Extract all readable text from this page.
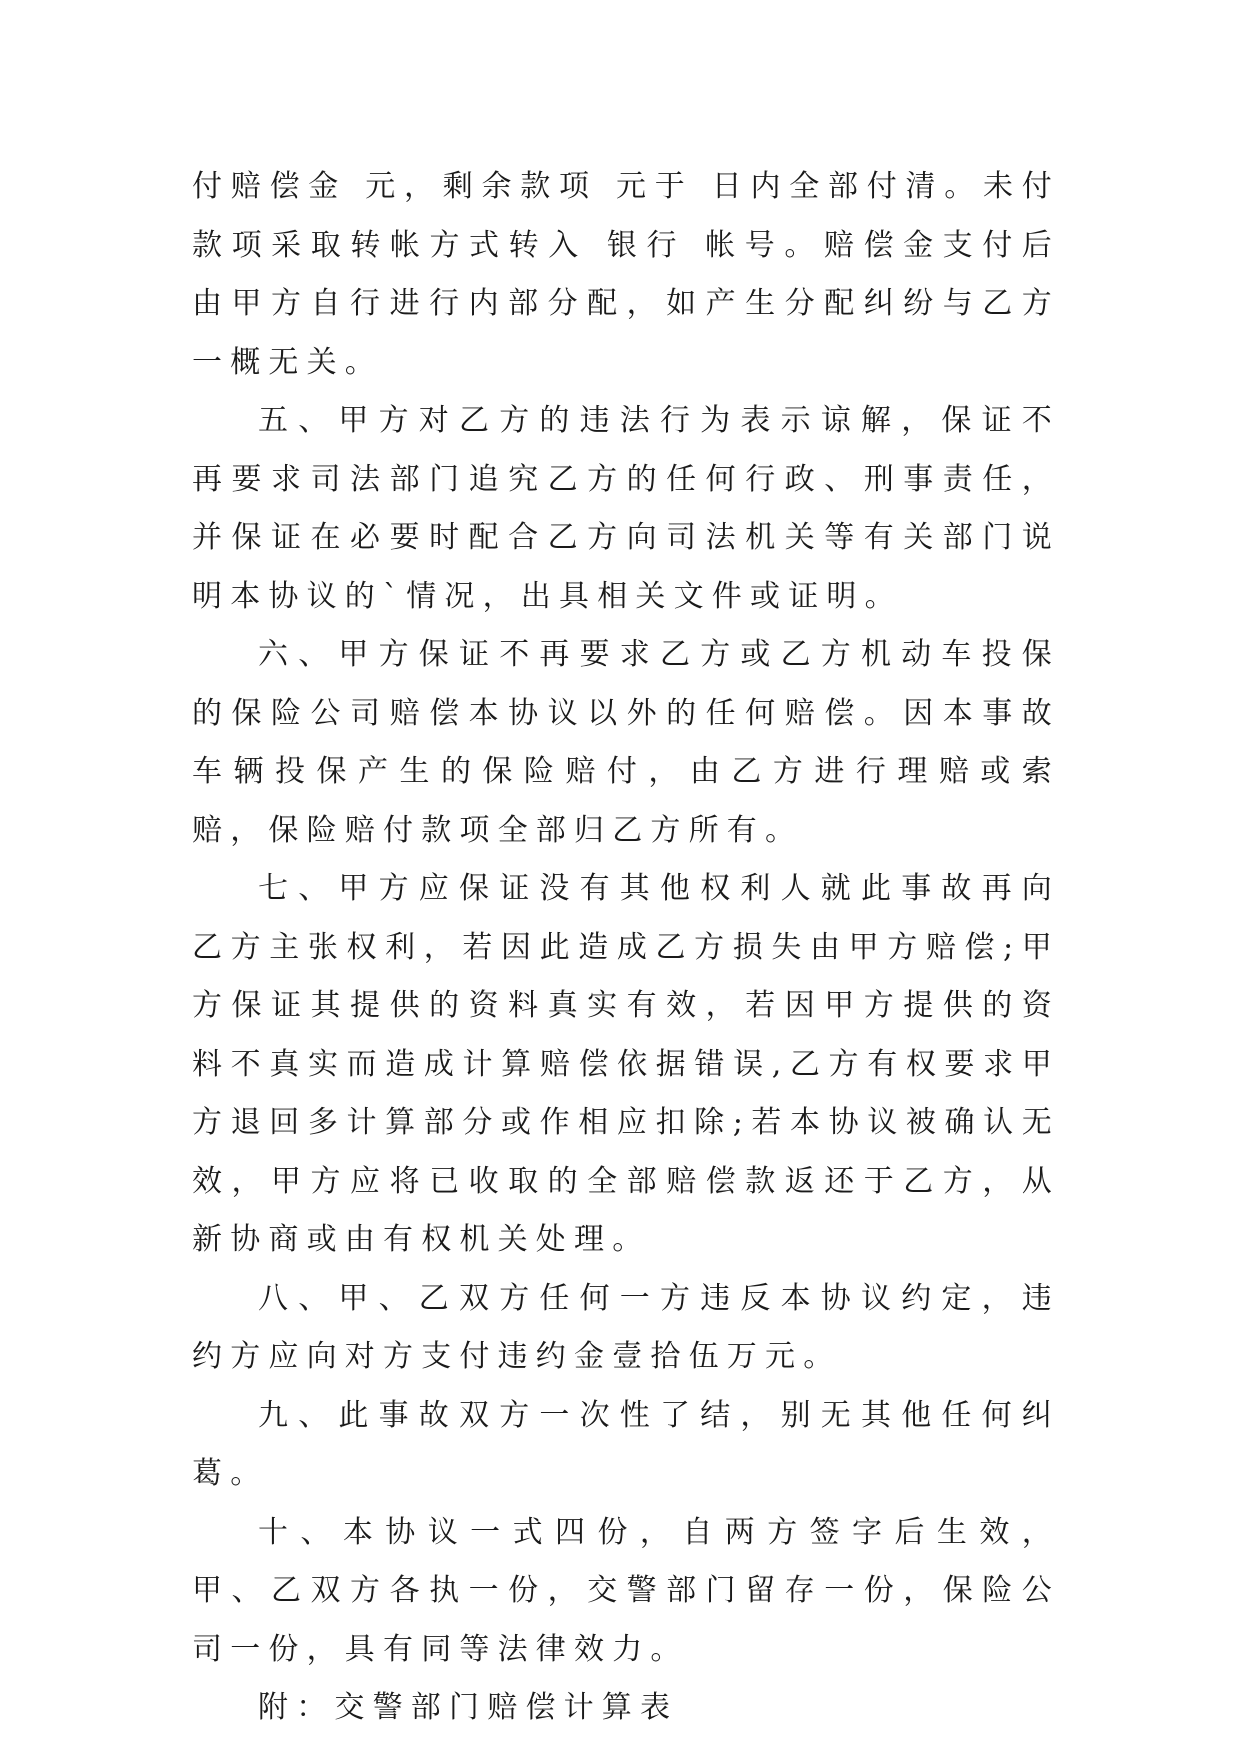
付赔偿金 元，剩余款项 元于 日内全部付清。未付款项采取转帐方式转入 银行 帐号。赔偿金支付后由甲方自行进行内部分配，如产生分配纠纷与乙方一概无关。

五、甲方对乙方的违法行为表示谅解，保证不再要求司法部门追究乙方的任何行政、刑事责任，并保证在必要时配合乙方向司法机关等有关部门说明本协议的`情况，出具相关文件或证明。

六、甲方保证不再要求乙方或乙方机动车投保的保险公司赔偿本协议以外的任何赔偿。因本事故车辆投保产生的保险赔付，由乙方进行理赔或索赔，保险赔付款项全部归乙方所有。

七、甲方应保证没有其他权利人就此事故再向乙方主张权利，若因此造成乙方损失由甲方赔偿;甲方保证其提供的资料真实有效，若因甲方提供的资料不真实而造成计算赔偿依据错误,乙方有权要求甲方退回多计算部分或作相应扣除;若本协议被确认无效，甲方应将已收取的全部赔偿款返还于乙方，从新协商或由有权机关处理。

八、甲、乙双方任何一方违反本协议约定，违约方应向对方支付违约金壹拾伍万元。

九、此事故双方一次性了结，别无其他任何纠葛。

十、本协议一式四份，自两方签字后生效，甲、乙双方各执一份，交警部门留存一份，保险公司一份，具有同等法律效力。

附：交警部门赔偿计算表
